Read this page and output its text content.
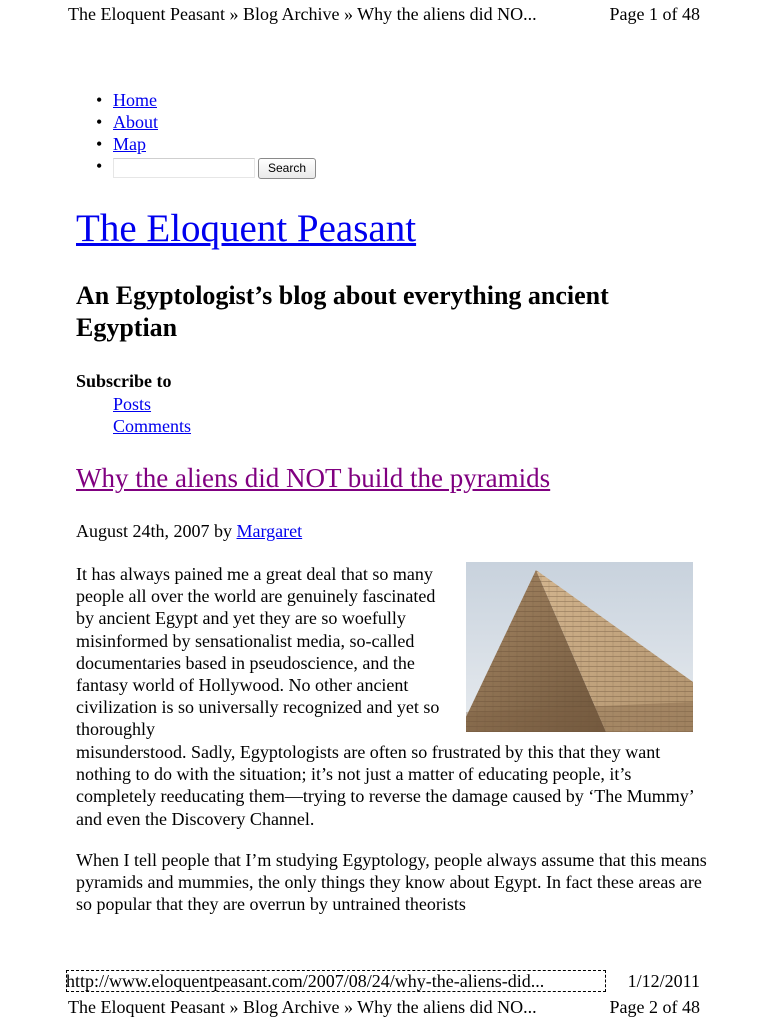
The Eloquent Peasant » Blog Archive » Why the aliens did NO...	Page 1 of 48
• Home
• About
• Map
•	Search
The Eloquent Peasant
An Egyptologist’s blog about everything ancient Egyptian
Subscribe to
Posts
Comments
Why the aliens did NOT build the pyramids
August 24th, 2007 by Margaret

It has always pained me a great deal that so many people all over the world are genuinely fascinated by ancient Egypt and yet they are so woefully misinformed by sensationalist media, so-called documentaries based in pseudoscience, and the fantasy world of Hollywood. No other ancient civilization is so universally recognized and yet so thoroughly

misunderstood. Sadly, Egyptologists are often so frustrated by this that they want nothing to do with the situation; it’s not just a matter of educating people, it’s completely reeducating them—trying to reverse the damage caused by ‘The Mummy’ and even the Discovery Channel.

When I tell people that I’m studying Egyptology, people always assume that this means pyramids and mummies, the only things they know about Egypt. In fact these areas are so popular that they are overrun by untrained theorists

http://www.eloquentpeasant.com/2007/08/24/why-the-aliens-did...	1/12/2011
The Eloquent Peasant » Blog Archive » Why the aliens did NO...	Page 2 of 48
